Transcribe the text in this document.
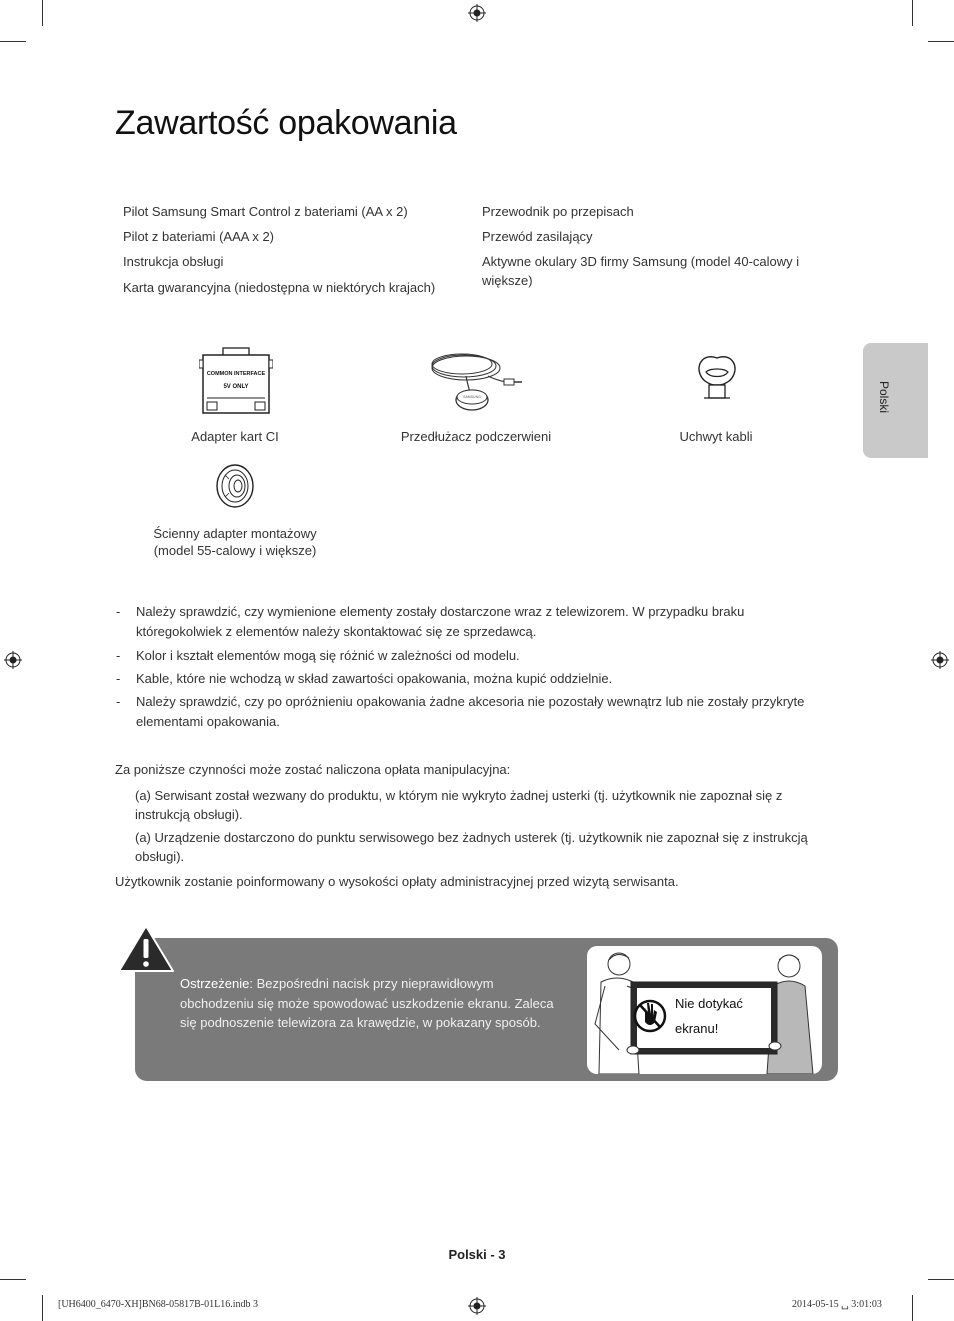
Polski
Zawartość opakowania
Pilot Samsung Smart Control z bateriami (AA x 2)
Pilot z bateriami (AAA x 2)
Instrukcja obsługi
Karta gwarancyjna (niedostępna w niektórych krajach)
Przewodnik po przepisach
Przewód zasilający
Aktywne okulary 3D firmy Samsung (model 40-calowy i większe)
COMMON INTERFACE
5V ONLY
SAMSUNG
Adapter kart CI	Przedłużacz podczerwieni	Uchwyt kabli
Ścienny adapter montażowy
(model 55-calowy i większe)
- Należy sprawdzić, czy wymienione elementy zostały dostarczone wraz z telewizorem. W przypadku braku któregokolwiek z elementów należy skontaktować się ze sprzedawcą.
- Kolor i kształt elementów mogą się różnić w zależności od modelu.
- Kable, które nie wchodzą w skład zawartości opakowania, można kupić oddzielnie.
- Należy sprawdzić, czy po opróżnieniu opakowania żadne akcesoria nie pozostały wewnątrz lub nie zostały przykryte elementami opakowania.
Za poniższe czynności może zostać naliczona opłata manipulacyjna:
(a) Serwisant został wezwany do produktu, w którym nie wykryto żadnej usterki (tj. użytkownik nie zapoznał się z instrukcją obsługi).
(a) Urządzenie dostarczono do punktu serwisowego bez żadnych usterek (tj. użytkownik nie zapoznał się z instrukcją obsługi).
Użytkownik zostanie poinformowany o wysokości opłaty administracyjnej przed wizytą serwisanta.
Ostrzeżenie: Bezpośredni nacisk przy nieprawidłowym obchodzeniu się może spowodować uszkodzenie ekranu. Zaleca się podnoszenie telewizora za krawędzie, w pokazany sposób.
Nie dotykać
ekranu!
Polski - 3
[UH6400_6470-XH]BN68-05817B-01L16.indb 3	2014-05-15 ␣ 3:01:03
